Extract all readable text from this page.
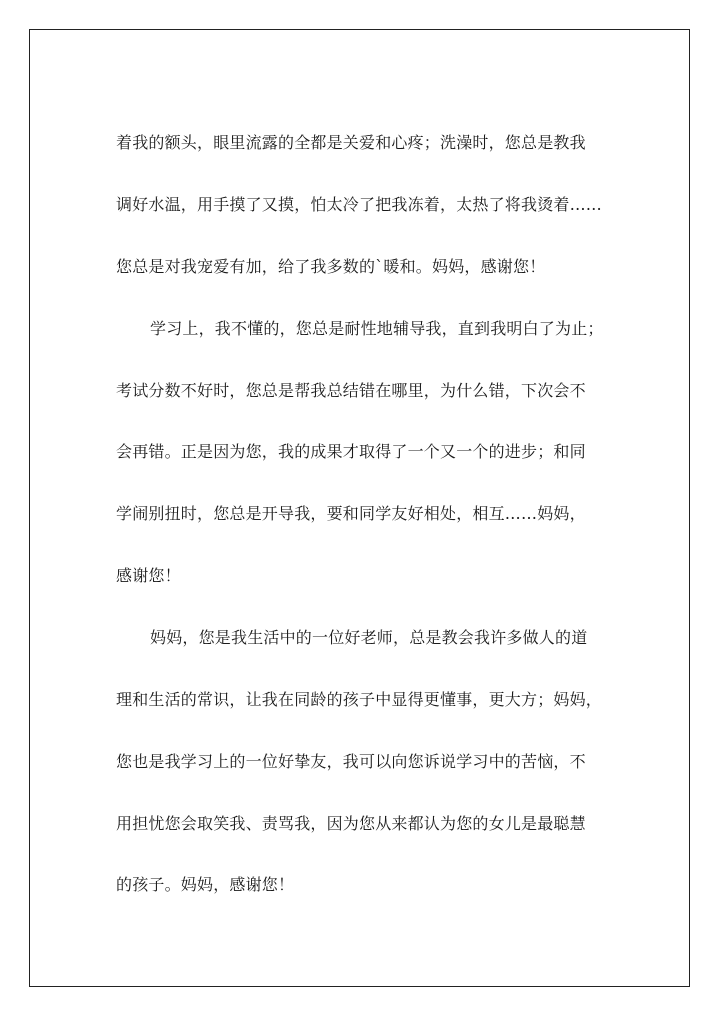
着我的额头，眼里流露的全都是关爱和心疼；洗澡时，您总是教我
调好水温，用手摸了又摸，怕太冷了把我冻着，太热了将我烫着……
您总是对我宠爱有加，给了我多数的`暖和。妈妈，感谢您！
学习上，我不懂的，您总是耐性地辅导我，直到我明白了为止；
考试分数不好时，您总是帮我总结错在哪里，为什么错，下次会不
会再错。正是因为您，我的成果才取得了一个又一个的进步；和同
学闹别扭时，您总是开导我，要和同学友好相处，相互……妈妈，
感谢您！
妈妈，您是我生活中的一位好老师，总是教会我许多做人的道
理和生活的常识，让我在同龄的孩子中显得更懂事，更大方；妈妈，
您也是我学习上的一位好挚友，我可以向您诉说学习中的苦恼，不
用担忧您会取笑我、责骂我，因为您从来都认为您的女儿是最聪慧
的孩子。妈妈，感谢您！
